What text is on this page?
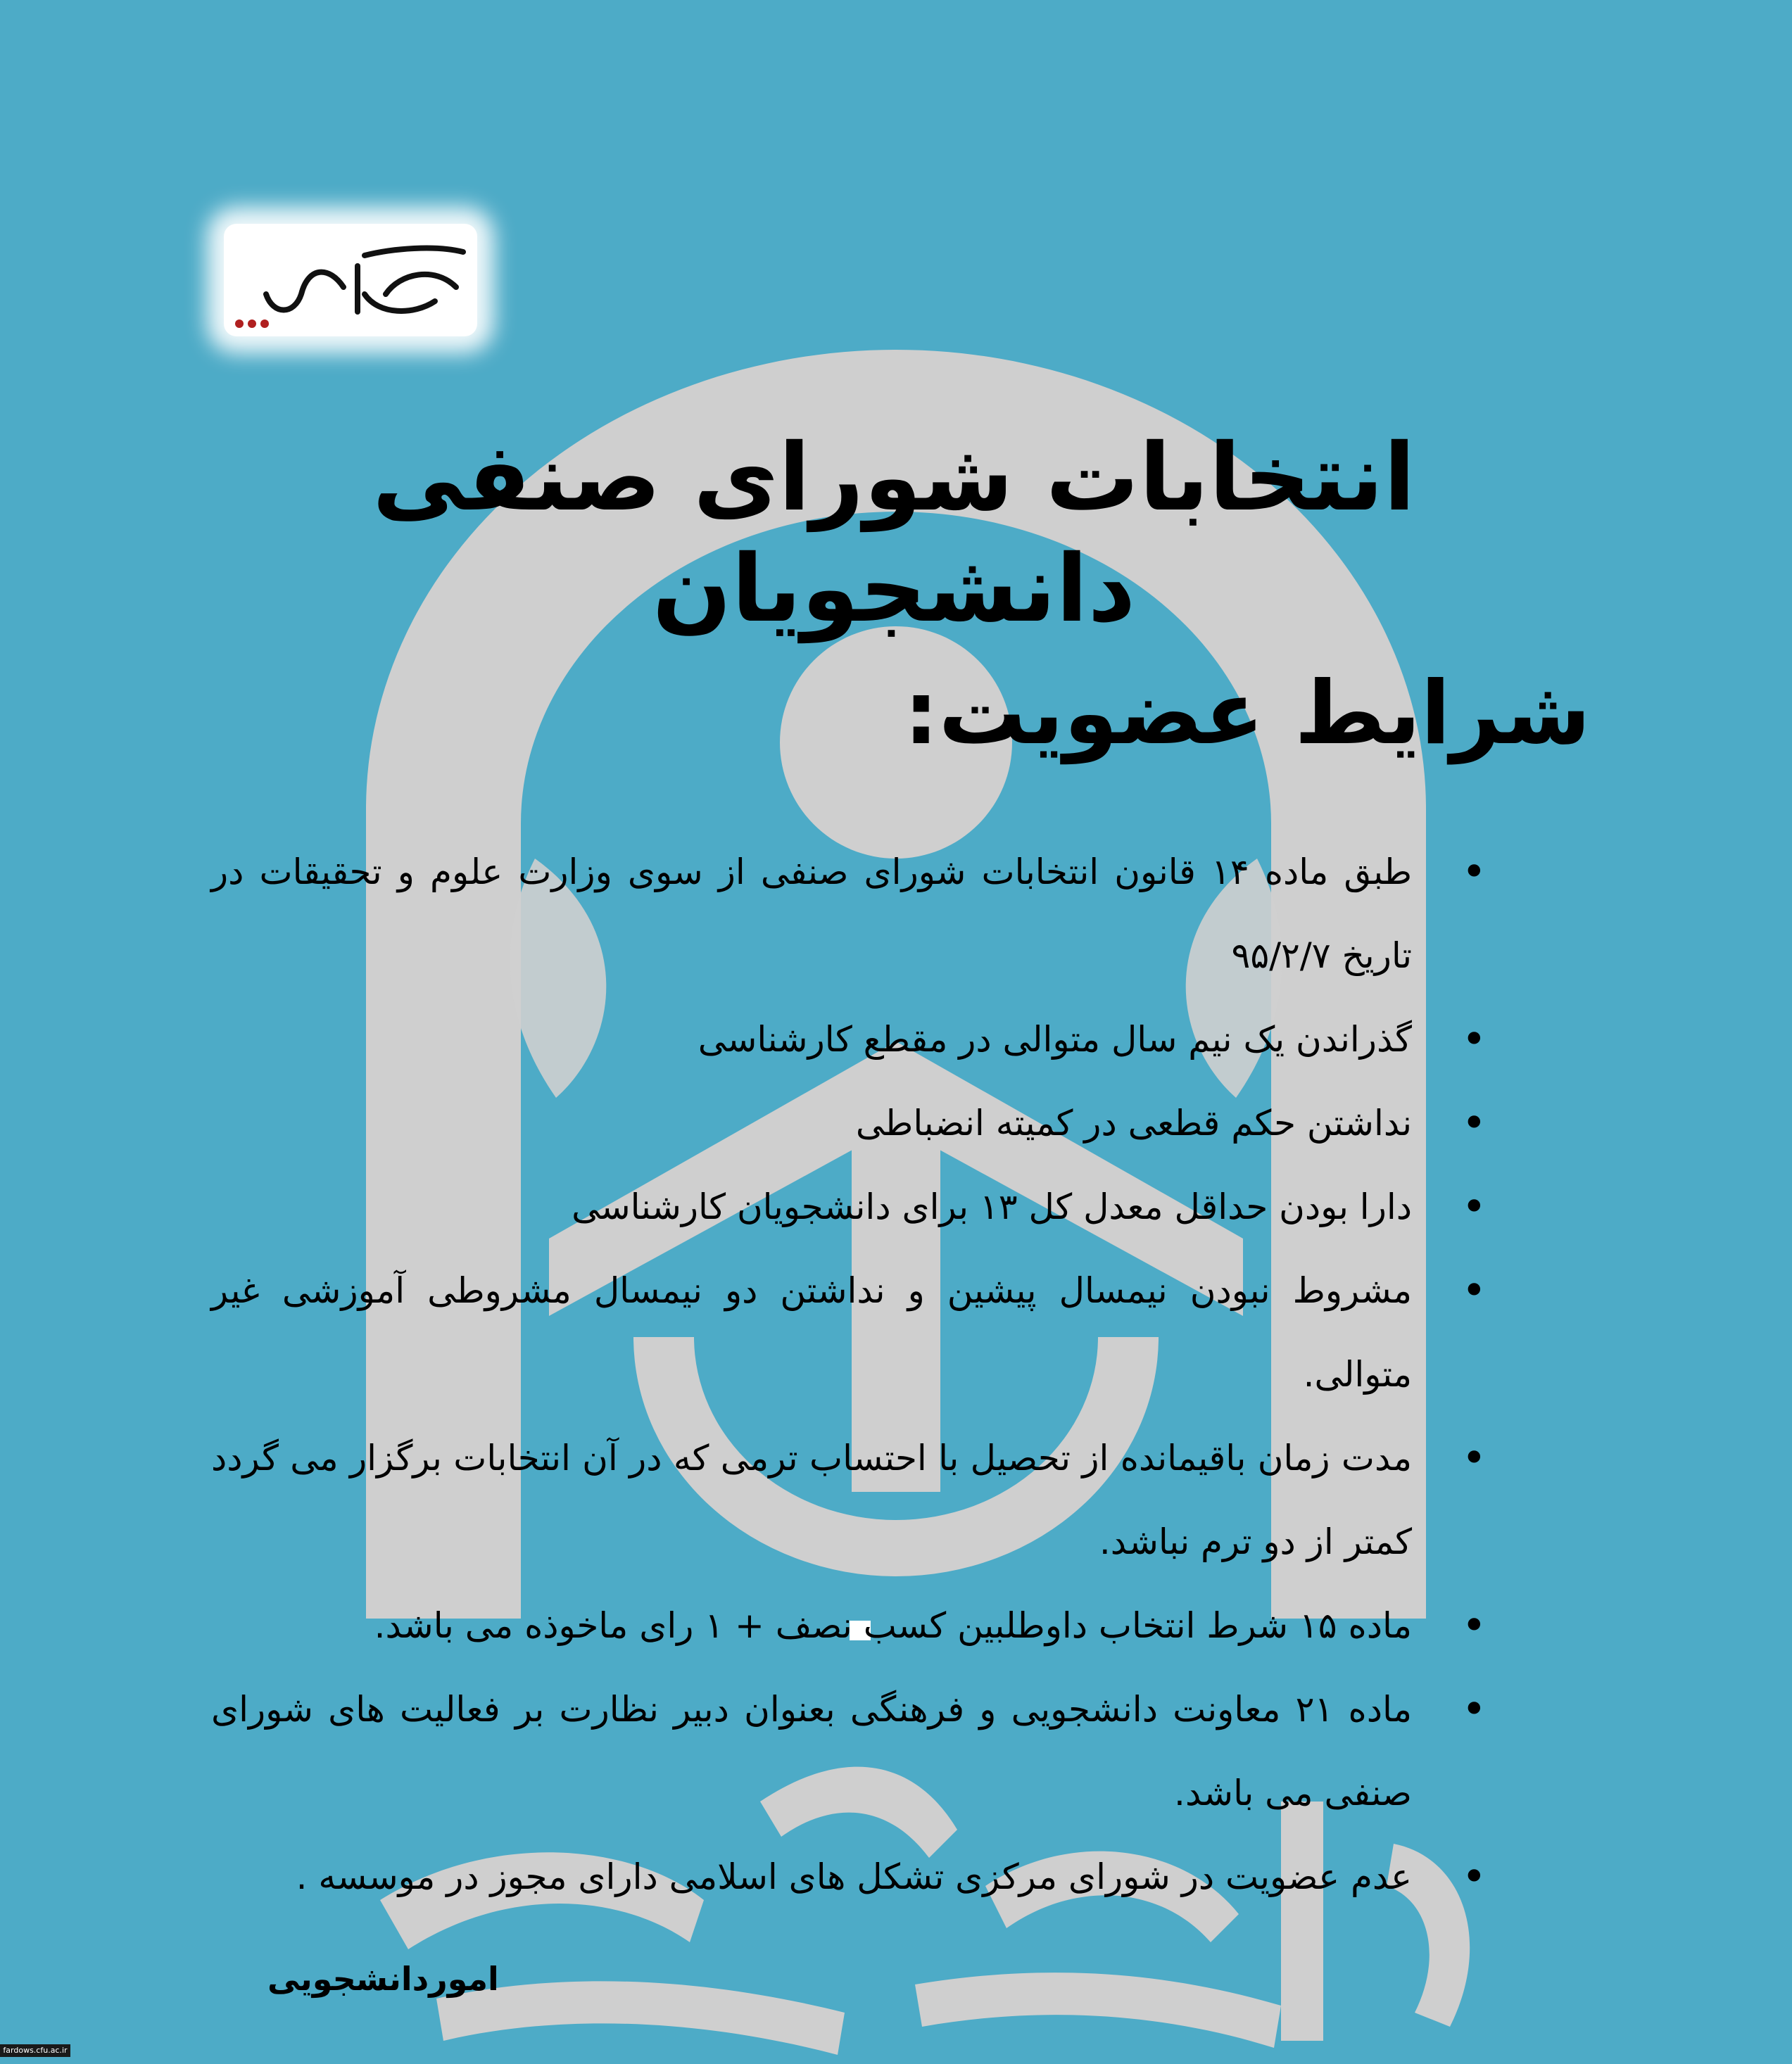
ما رأی می‌دهیم...
انتخابات شورای صنفی دانشجویان
شرایط عضویت:
•
طبق ماده ۱۴ قانون انتخابات شورای صنفی از سوی وزارت علوم و تحقیقات در تاریخ ۹۵/۲/۷
•
گذراندن یک نیم سال متوالی در مقطع کارشناسی
•
نداشتن حکم قطعی در کمیته انضباطی
•
دارا بودن حداقل معدل کل ۱۳ برای دانشجویان کارشناسی
•
مشروط نبودن نیمسال پیشین و نداشتن دو نیمسال مشروطی آموزشی غیر متوالی.
•
مدت زمان باقیمانده از تحصیل با احتساب ترمی که در آن انتخابات برگزار می گردد کمتر از دو ترم نباشد.
•
ماده ۱۵ شرط انتخاب داوطلبین کسب نصف + ۱ رای ماخوذه می باشد.
•
ماده ۲۱ معاونت دانشجویی و فرهنگی بعنوان دبیر نظارت بر فعالیت های شورای صنفی می باشد.
•
عدم عضویت در شورای مرکزی تشکل های اسلامی دارای مجوز در موسسه .
اموردانشجویی
fardows.cfu.ac.ir
